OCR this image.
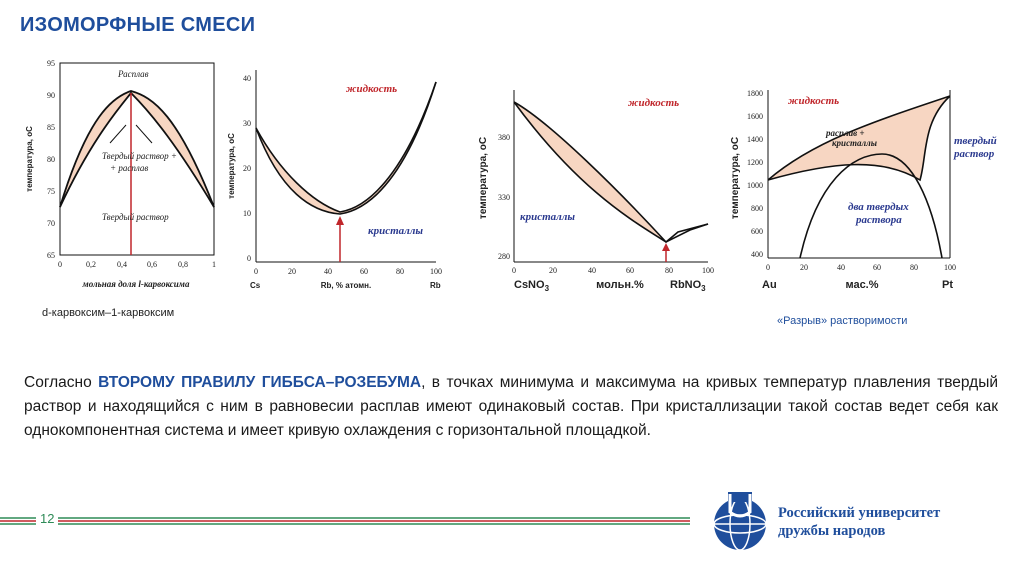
ИЗОМОРФНЫЕ СМЕСИ
95
90
85
80
75
70
65
0	0,2	0,4	0,6	0,8	1
температура, оС
мольная доля l-карвоксима
Расплав
Твердый раствор +
+ расплав
Твердый раствор
40
30
20
10
0
0	20	40	60	80	100
температура, оС
Cs	Rb, % атомн.	Rb
жидкость
кристаллы
380
330
280
0	20	40	60	80	100
температура, оС
CsNO$_3$	мольн.% RbNO$_3$
жидкость
кристаллы
1800
1600
1400
1200
1000
800
600
400
0	20	40	60	80	100
температура, оС
Au	мас.%	Pt
жидкость
расплав +
кристаллы	твердый
раствор
два твердых
раствора
d-карвоксим–1-карвоксим
«Разрыв» растворимости
Согласно ВТОРОМУ ПРАВИЛУ ГИББСА–РОЗЕБУМА, в точках минимума и максимума на кривых температур плавления твердый раствор и находящийся с ним в равновесии расплав имеют одинаковый состав. При кристаллизации такой состав ведет себя как однокомпонентная система и имеет кривую охлаждения с горизонтальной площадкой.
12	Российский университет
дружбы народов
